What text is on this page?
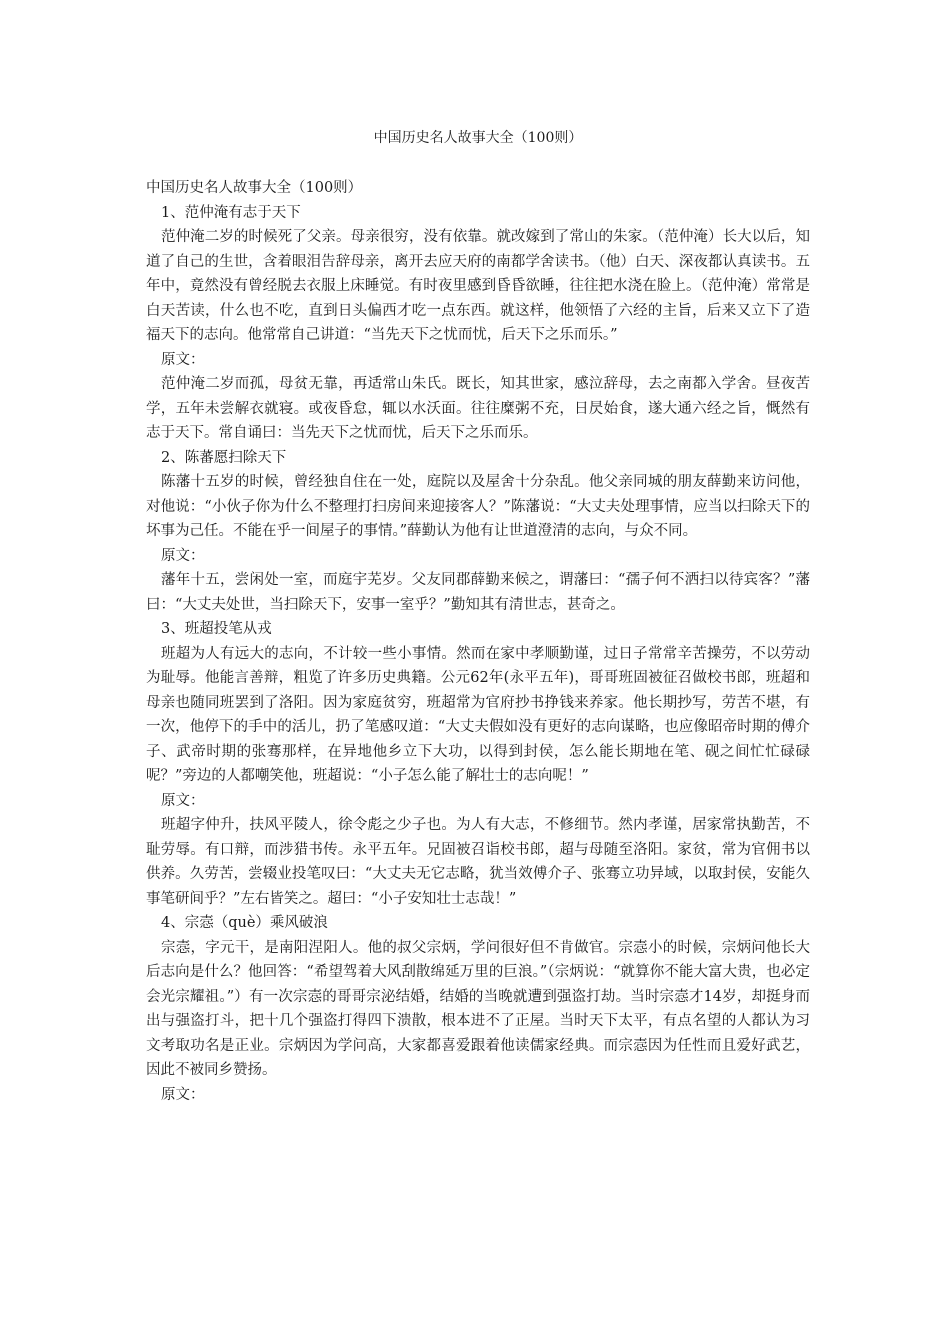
中国历史名人故事大全（100则）

中国历史名人故事大全（100则）

1、范仲淹有志于天下

范仲淹二岁的时候死了父亲。母亲很穷，没有依靠。就改嫁到了常山的朱家。（范仲淹）长大以后，知道了自己的生世，含着眼泪告辞母亲，离开去应天府的南都学舍读书。（他）白天、深夜都认真读书。五年中，竟然没有曾经脱去衣服上床睡觉。有时夜里感到昏昏欲睡，往往把水浇在脸上。（范仲淹）常常是白天苦读，什么也不吃，直到日头偏西才吃一点东西。就这样，他领悟了六经的主旨，后来又立下了造福天下的志向。他常常自己讲道：“当先天下之忧而忧，后天下之乐而乐。”

原文：

范仲淹二岁而孤，母贫无靠，再适常山朱氏。既长，知其世家，感泣辞母，去之南都入学舍。昼夜苦学，五年未尝解衣就寝。或夜昏怠，辄以水沃面。往往糜粥不充，日昃始食，遂大通六经之旨，慨然有志于天下。常自诵曰：当先天下之忧而忧，后天下之乐而乐。

2、陈蕃愿扫除天下

陈藩十五岁的时候，曾经独自住在一处，庭院以及屋舍十分杂乱。他父亲同城的朋友薛勤来访问他，对他说：“小伙子你为什么不整理打扫房间来迎接客人？”陈藩说：“大丈夫处理事情，应当以扫除天下的坏事为己任。不能在乎一间屋子的事情。”薛勤认为他有让世道澄清的志向，与众不同。

原文：

藩年十五，尝闲处一室，而庭宇芜岁。父友同郡薛勤来候之，谓藩曰：“孺子何不洒扫以待宾客？”藩曰：“大丈夫处世，当扫除天下，安事一室乎？”勤知其有清世志，甚奇之。

3、班超投笔从戎

班超为人有远大的志向，不计较一些小事情。然而在家中孝顺勤谨，过日子常常辛苦操劳，不以劳动为耻辱。他能言善辩，粗览了许多历史典籍。公元62年(永平五年)，哥哥班固被征召做校书郎，班超和母亲也随同班罢到了洛阳。因为家庭贫穷，班超常为官府抄书挣钱来养家。他长期抄写，劳苦不堪，有一次，他停下的手中的活儿，扔了笔感叹道：“大丈夫假如没有更好的志向谋略，也应像昭帝时期的傅介子、武帝时期的张骞那样，在异地他乡立下大功，以得到封侯，怎么能长期地在笔、砚之间忙忙碌碌呢？”旁边的人都嘲笑他，班超说：“小子怎么能了解壮士的志向呢！”

原文：

班超字仲升，扶风平陵人，徐令彪之少子也。为人有大志，不修细节。然内孝谨，居家常执勤苦，不耻劳辱。有口辩，而涉猎书传。永平五年。兄固被召诣校书郎，超与母随至洛阳。家贫，常为官佣书以供养。久劳苦，尝辍业投笔叹曰：“大丈夫无它志略，犹当效傅介子、张骞立功异域，以取封侯，安能久事笔研间乎？”左右皆笑之。超曰：“小子安知壮士志哉！”

4、宗悫（què）乘风破浪

宗悫，字元干，是南阳涅阳人。他的叔父宗炳，学问很好但不肯做官。宗悫小的时候，宗炳问他长大后志向是什么？他回答：“希望驾着大风刮散绵延万里的巨浪。”（宗炳说：“就算你不能大富大贵，也必定会光宗耀祖。”）有一次宗悫的哥哥宗泌结婚，结婚的当晚就遭到强盗打劫。当时宗悫才14岁，却挺身而出与强盗打斗，把十几个强盗打得四下溃散，根本进不了正屋。当时天下太平，有点名望的人都认为习文考取功名是正业。宗炳因为学问高，大家都喜爱跟着他读儒家经典。而宗悫因为任性而且爱好武艺，因此不被同乡赞扬。

原文：
